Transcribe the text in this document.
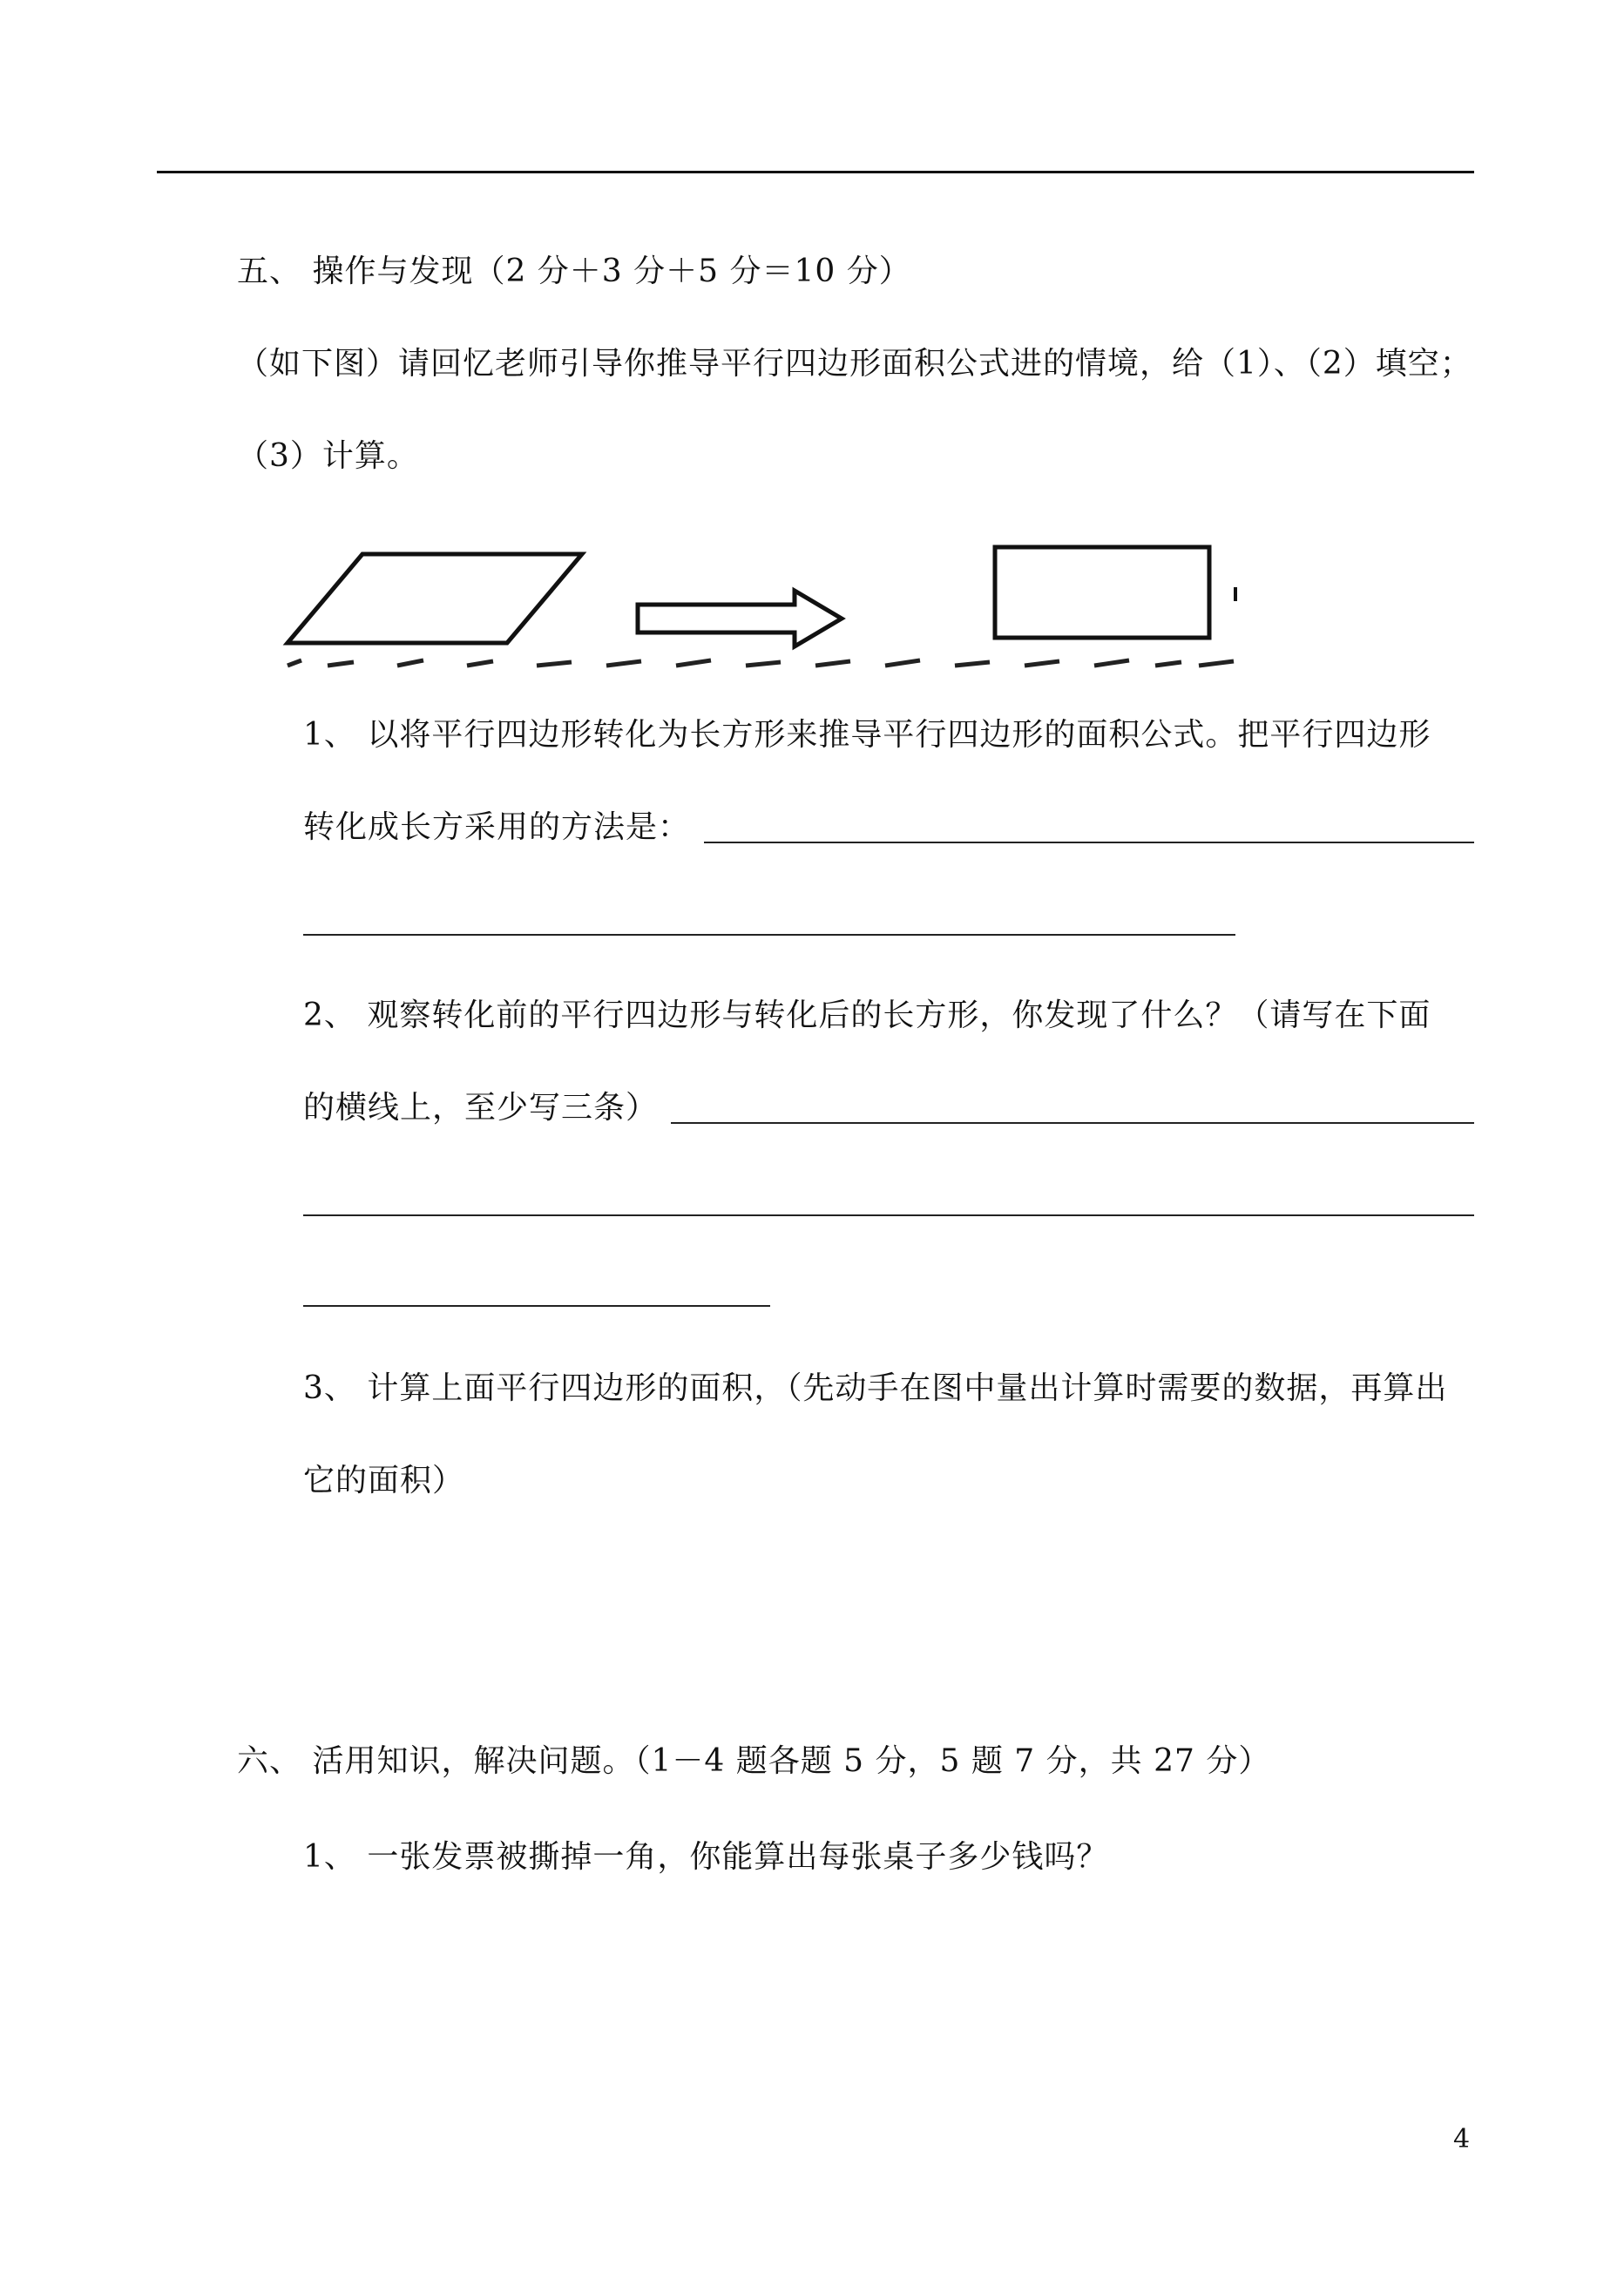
五、 操作与发现（2 分＋3 分＋5 分＝10 分）
（如下图）请回忆老师引导你推导平行四边形面积公式进的情境，给（1）、（2）填空；
（3）计算。
1、 以将平行四边形转化为长方形来推导平行四边形的面积公式。把平行四边形
转化成长方采用的方法是：
2、 观察转化前的平行四边形与转化后的长方形，你发现了什么？（请写在下面
的横线上，至少写三条）
3、 计算上面平行四边形的面积，（先动手在图中量出计算时需要的数据，再算出
它的面积）
六、 活用知识，解决问题。（1－4 题各题 5 分，5 题 7 分，共 27 分）
1、 一张发票被撕掉一角，你能算出每张桌子多少钱吗？
4
